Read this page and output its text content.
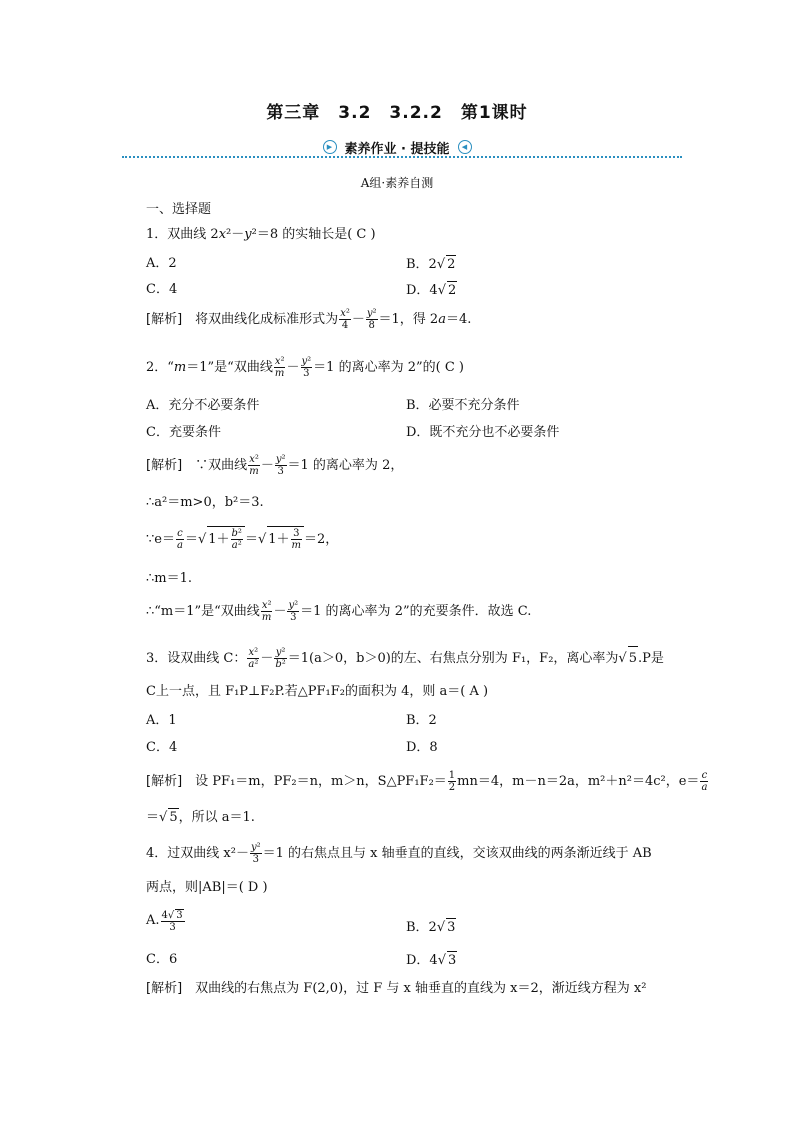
第三章　3.2　3.2.2　第1课时
▶ 素养作业 · 提技能	◀
A组·素养自测
一、选择题
1．双曲线 2x²－y²＝8 的实轴长是( C )
A．2	B．2√ 2
C．4	D．4√ 2
[解析]　 将双曲线化成标准形式为 $\frac{\text{x²}}{4} - \frac{\text{y²}}{8} =1$，得 2a＝4.
2．“m＝1”是“双曲线 $\frac{\text{x²}}{m} - \frac{\text{y²}}{3} =1$ 的离心率为 2”的( C )
A．充分不必要条件	B．必要不充分条件
C．充要条件	D．既不充分也不必要条件
[解析]　 ∵双曲线 $\frac{\text{x²}}{m} - \frac{\text{y²}}{3} =1$ 的离心率为 2，
∴a²＝m>0，b²＝3.
∵e＝ $\frac{c}{a}$ ＝√ $1+ \frac{\text{b²}}{\text{a²}}$ ＝√ $1+ \frac{3}{m} =2$，
∴m＝1.
∴“m＝1”是“双曲线 $\frac{\text{x²}}{m} - \frac{\text{y²}}{3} =1$ 的离心率为 2”的充要条件．故选 C.
3．设双曲线 C： $\frac{\text{x²}}{\text{a²}} - \frac{\text{y²}}{\text{b²}} =1(a>0$，b＞0)的左、右焦点分别为 F₁，F₂，离心率为√ 5.P是
C上一点，且 F₁P⊥F₂P.若△PF₁F₂的面积为 4，则 a＝( A )
A．1	B．2
C．4	D．8
[解析]　 设 PF₁＝m，PF₂＝n，m＞n，S△PF₁F₂＝ $\frac{1}{2} mn=4$，m－n＝2a，m²＋n²＝4c²，$e= \frac{c}{a}$
＝√ 5，所以 a＝1.
4．过双曲线 $x^2- \frac{\text{y²}}{3} =1$ 的右焦点且与 x 轴垂直的直线，交该双曲线的两条渐近线于 AB
两点，则|AB|＝( D )
A. $\frac{4√ 3}{3}$	B．2√ 3
C．6	D．4√ 3
[解析]　 双曲线的右焦点为 F(2,0)，过 F 与 x 轴垂直的直线为 x＝2，渐近线方程为 x²
